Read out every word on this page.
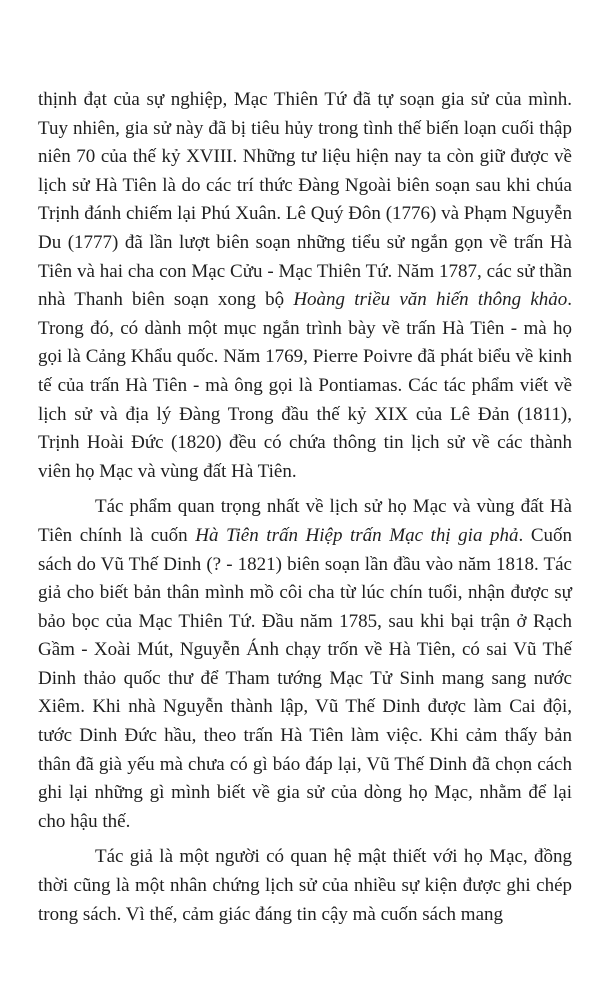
thịnh đạt của sự nghiệp, Mạc Thiên Tứ đã tự soạn gia sử của mình. Tuy nhiên, gia sử này đã bị tiêu hủy trong tình thế biến loạn cuối thập niên 70 của thế kỷ XVIII. Những tư liệu hiện nay ta còn giữ được về lịch sử Hà Tiên là do các trí thức Đàng Ngoài biên soạn sau khi chúa Trịnh đánh chiếm lại Phú Xuân. Lê Quý Đôn (1776) và Phạm Nguyễn Du (1777) đã lần lượt biên soạn những tiểu sử ngắn gọn về trấn Hà Tiên và hai cha con Mạc Cửu - Mạc Thiên Tứ. Năm 1787, các sử thần nhà Thanh biên soạn xong bộ Hoàng triều văn hiến thông khảo. Trong đó, có dành một mục ngắn trình bày về trấn Hà Tiên - mà họ gọi là Cảng Khẩu quốc. Năm 1769, Pierre Poivre đã phát biểu về kinh tế của trấn Hà Tiên - mà ông gọi là Pontiamas. Các tác phẩm viết về lịch sử và địa lý Đàng Trong đầu thế kỷ XIX của Lê Đản (1811), Trịnh Hoài Đức (1820) đều có chứa thông tin lịch sử về các thành viên họ Mạc và vùng đất Hà Tiên.

Tác phẩm quan trọng nhất về lịch sử họ Mạc và vùng đất Hà Tiên chính là cuốn Hà Tiên trấn Hiệp trấn Mạc thị gia phả. Cuốn sách do Vũ Thế Dinh (? - 1821) biên soạn lần đầu vào năm 1818. Tác giả cho biết bản thân mình mồ côi cha từ lúc chín tuổi, nhận được sự bảo bọc của Mạc Thiên Tứ. Đầu năm 1785, sau khi bại trận ở Rạch Gầm - Xoài Mút, Nguyễn Ánh chạy trốn về Hà Tiên, có sai Vũ Thế Dinh thảo quốc thư để Tham tướng Mạc Tử Sinh mang sang nước Xiêm. Khi nhà Nguyễn thành lập, Vũ Thế Dinh được làm Cai đội, tước Dinh Đức hầu, theo trấn Hà Tiên làm việc. Khi cảm thấy bản thân đã già yếu mà chưa có gì báo đáp lại, Vũ Thế Dinh đã chọn cách ghi lại những gì mình biết về gia sử của dòng họ Mạc, nhằm để lại cho hậu thế.

Tác giả là một người có quan hệ mật thiết với họ Mạc, đồng thời cũng là một nhân chứng lịch sử của nhiều sự kiện được ghi chép trong sách. Vì thế, cảm giác đáng tin cậy mà cuốn sách mang
